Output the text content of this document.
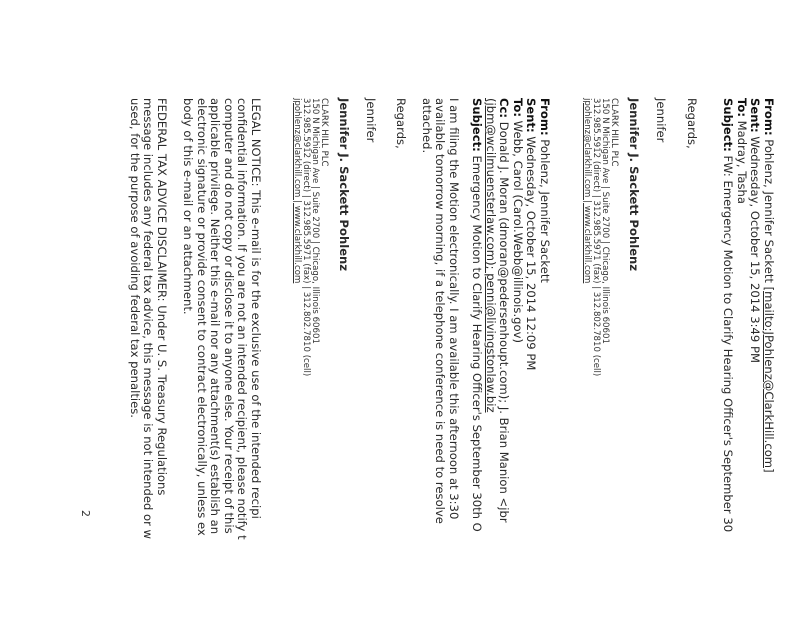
From: Pohlenz, Jennifer Sackett [mailto:JPohlenz@ClarkHill.com]
Sent: Wednesday, October 15, 2014 3:49 PM
To: Madray, Tasha
Subject: FW: Emergency Motion to Clarify Hearing Officer's September 30
Regards,
Jennifer
Jennifer J. Sackett Pohlenz
CLARK HILL PLC
150 N Michigan Ave | Suite 2700 | Chicago, Illinois 60601
312.985.5912 (direct) | 312.985.5971 (fax) | 312.802.7810 (cell)
jpohlenz@clarkhill.com | www.clarkhill.com
From: Pohlenz, Jennifer Sackett
Sent: Wednesday, October 15, 2014 12:09 PM
To: Webb, Carol (Carol.Webb@illinois.gov)
Cc: Donald J. Moran (dmoran@pedersenhoupt.com); J. Brian Manion <jbr
(jbm@wcilmuensterlaw.com); penni@livingstonlaw.biz
Subject: Emergency Motion to Clarify Hearing Officer's September 30th O
I am filing the Motion electronically. I am available this afternoon at 3:30
available tomorrow morning, if a telephone conference is need to resolve
attached.
Regards,
Jennifer
Jennifer J. Sackett Pohlenz
CLARK HILL PLC
150 N Michigan Ave | Suite 2700 | Chicago, Illinois 60601
312.985.5912 (direct) | 312.985.5971 (fax) | 312.802.7810 (cell)
jpohlenz@clarkhill.com | www.clarkhill.com
LEGAL NOTICE: This e-mail is for the exclusive use of the intended recipi
confidential information. If you are not an intended recipient, please notify t
computer and do not copy or disclose it to anyone else. Your receipt of this
applicable privilege. Neither this e-mail nor any attachment(s) establish an
electronic signature or provide consent to contract electronically, unless ex
body of this e-mail or an attachment.
FEDERAL TAX ADVICE DISCLAIMER: Under U. S. Treasury Regulations
message includes any federal tax advice, this message is not intended or w
used, for the purpose of avoiding federal tax penalties.
2
